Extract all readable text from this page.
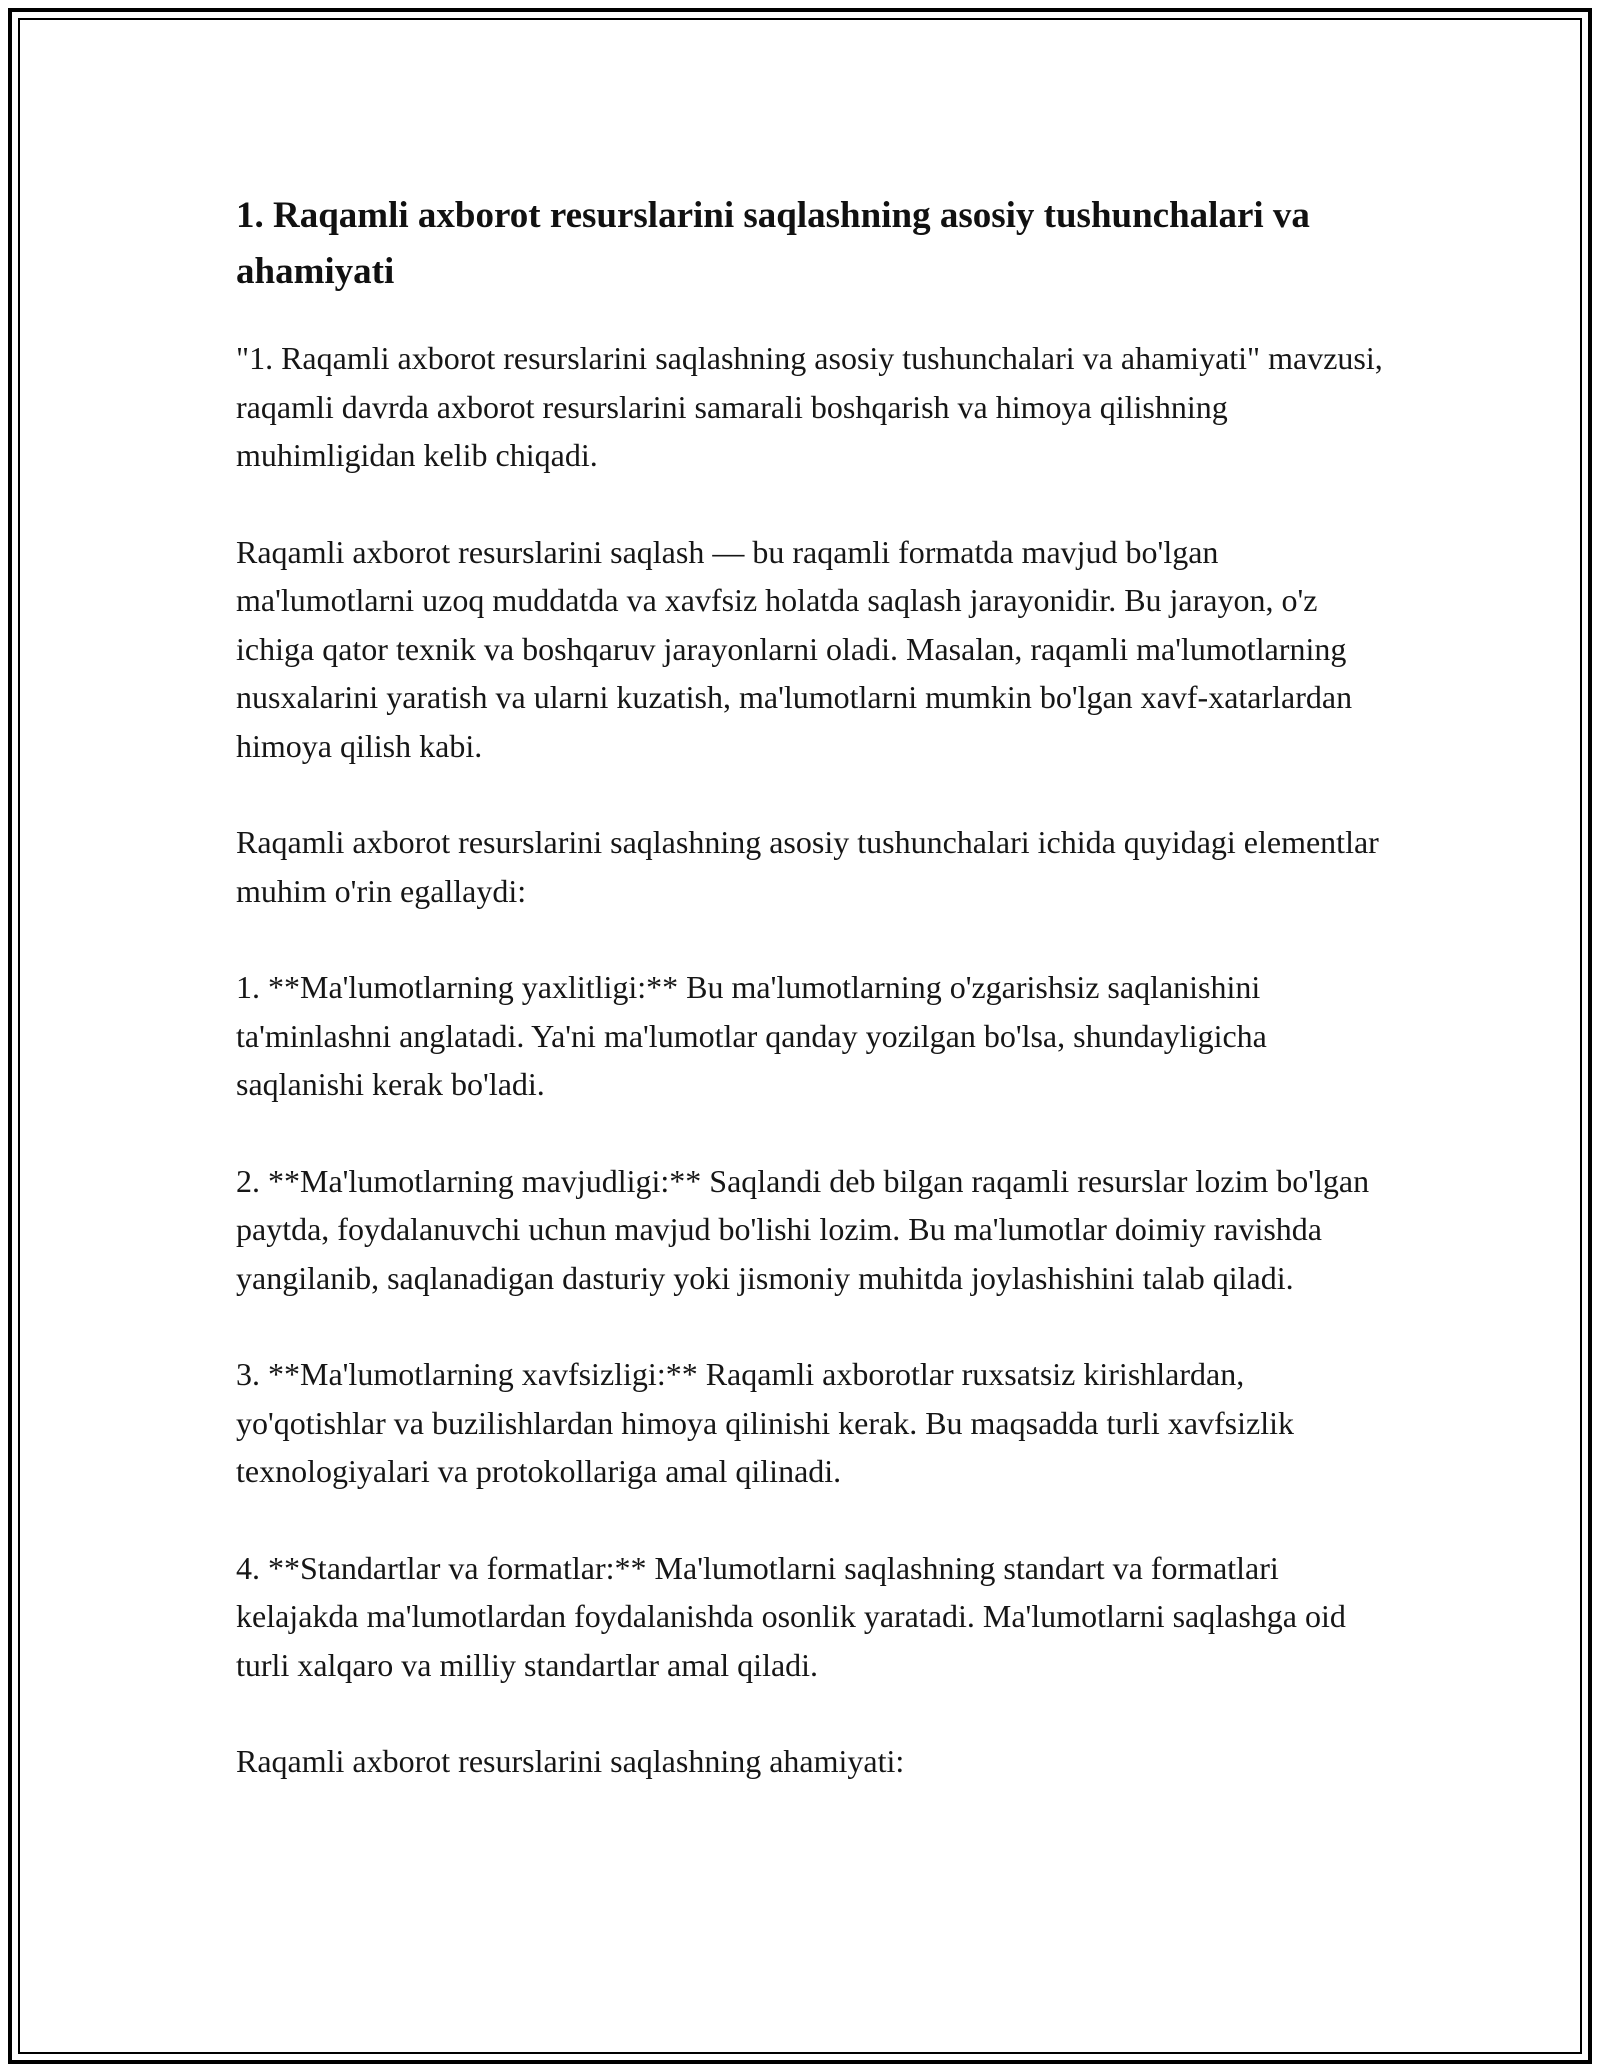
1. Raqamli axborot resurslarini saqlashning asosiy tushunchalari va ahamiyati

"1. Raqamli axborot resurslarini saqlashning asosiy tushunchalari va ahamiyati" mavzusi, raqamli davrda axborot resurslarini samarali boshqarish va himoya qilishning muhimligidan kelib chiqadi.

Raqamli axborot resurslarini saqlash — bu raqamli formatda mavjud bo'lgan ma'lumotlarni uzoq muddatda va xavfsiz holatda saqlash jarayonidir. Bu jarayon, o'z ichiga qator texnik va boshqaruv jarayonlarni oladi. Masalan, raqamli ma'lumotlarning nusxalarini yaratish va ularni kuzatish, ma'lumotlarni mumkin bo'lgan xavf-xatarlardan himoya qilish kabi.

Raqamli axborot resurslarini saqlashning asosiy tushunchalari ichida quyidagi elementlar muhim o'rin egallaydi:

1. **Ma'lumotlarning yaxlitligi:** Bu ma'lumotlarning o'zgarishsiz saqlanishini ta'minlashni anglatadi. Ya'ni ma'lumotlar qanday yozilgan bo'lsa, shundayligicha saqlanishi kerak bo'ladi.

2. **Ma'lumotlarning mavjudligi:** Saqlandi deb bilgan raqamli resurslar lozim bo'lgan paytda, foydalanuvchi uchun mavjud bo'lishi lozim. Bu ma'lumotlar doimiy ravishda yangilanib, saqlanadigan dasturiy yoki jismoniy muhitda joylashishini talab qiladi.

3. **Ma'lumotlarning xavfsizligi:** Raqamli axborotlar ruxsatsiz kirishlardan, yo'qotishlar va buzilishlardan himoya qilinishi kerak. Bu maqsadda turli xavfsizlik texnologiyalari va protokollariga amal qilinadi.

4. **Standartlar va formatlar:** Ma'lumotlarni saqlashning standart va formatlari kelajakda ma'lumotlardan foydalanishda osonlik yaratadi. Ma'lumotlarni saqlashga oid turli xalqaro va milliy standartlar amal qiladi.

Raqamli axborot resurslarini saqlashning ahamiyati:
